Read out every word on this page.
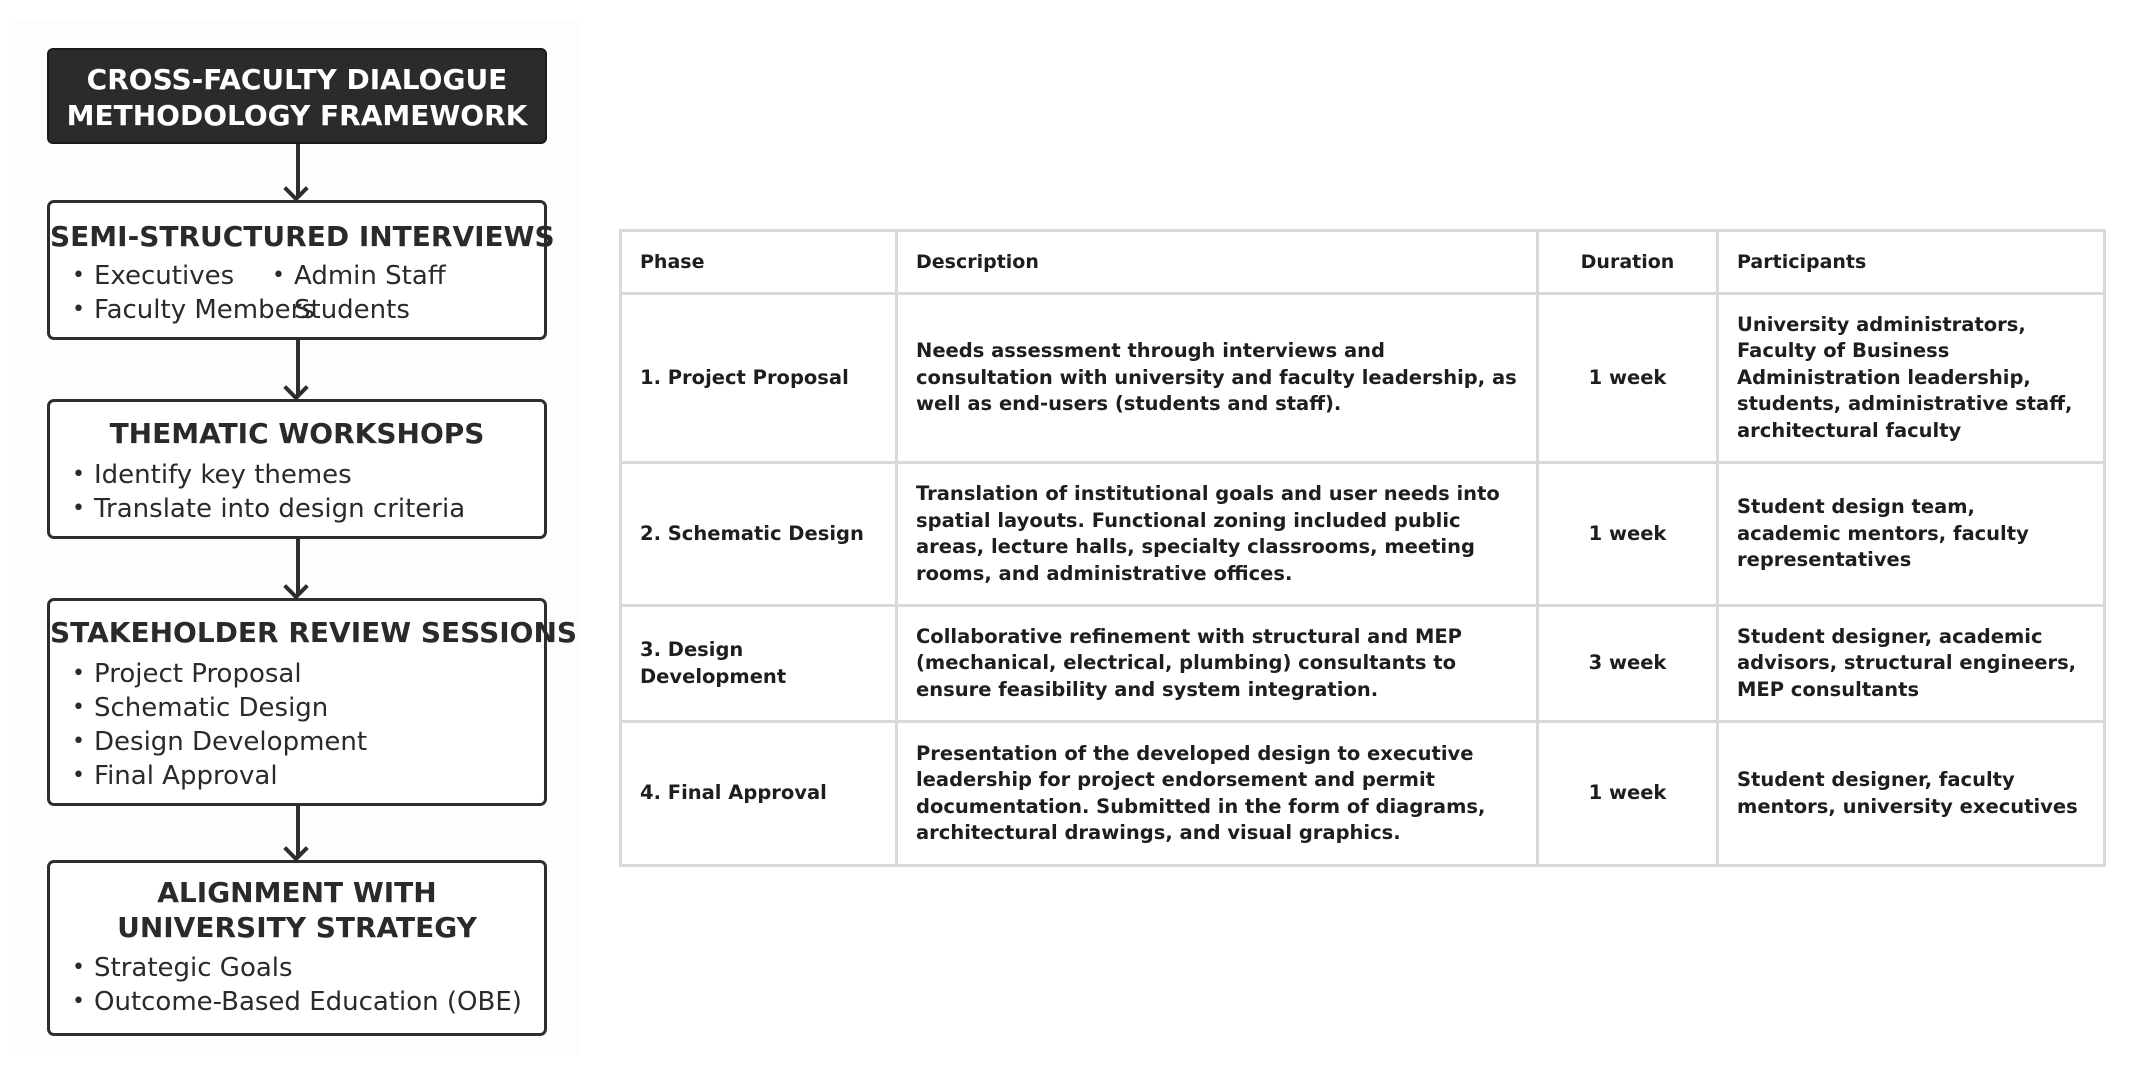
CROSS-FACULTY DIALOGUE
METHODOLOGY FRAMEWORK
SEMI-STRUCTURED INTERVIEWS
• Executives	• Admin Staff
• Faculty Members
Students
THEMATIC WORKSHOPS
• Identify key themes
• Translate into design criteria
STAKEHOLDER REVIEW SESSIONS
• Project Proposal
• Schematic Design
• Design Development
• Final Approval
ALIGNMENT WITH
UNIVERSITY STRATEGY
• Strategic Goals
• Outcome-Based Education (OBE)
Phase	Description	Duration	Participants
1. Project Proposal	Needs assessment through interviews and consultation with university and faculty leadership, as well as end-users (students and staff).	1 week	University administrators, Faculty of Business Administration leadership, students, administrative staff, architectural faculty
2. Schematic Design	Translation of institutional goals and user needs into spatial layouts. Functional zoning included public areas, lecture halls, specialty classrooms, meeting rooms, and administrative offices.	1 week	Student design team, academic mentors, faculty representatives
3. Design Development	Collaborative refinement with structural and MEP (mechanical, electrical, plumbing) consultants to ensure feasibility and system integration.	3 week	Student designer, academic advisors, structural engineers, MEP consultants
4. Final Approval	Presentation of the developed design to executive leadership for project endorsement and permit documentation. Submitted in the form of diagrams, architectural drawings, and visual graphics.	1 week	Student designer, faculty mentors, university executives
